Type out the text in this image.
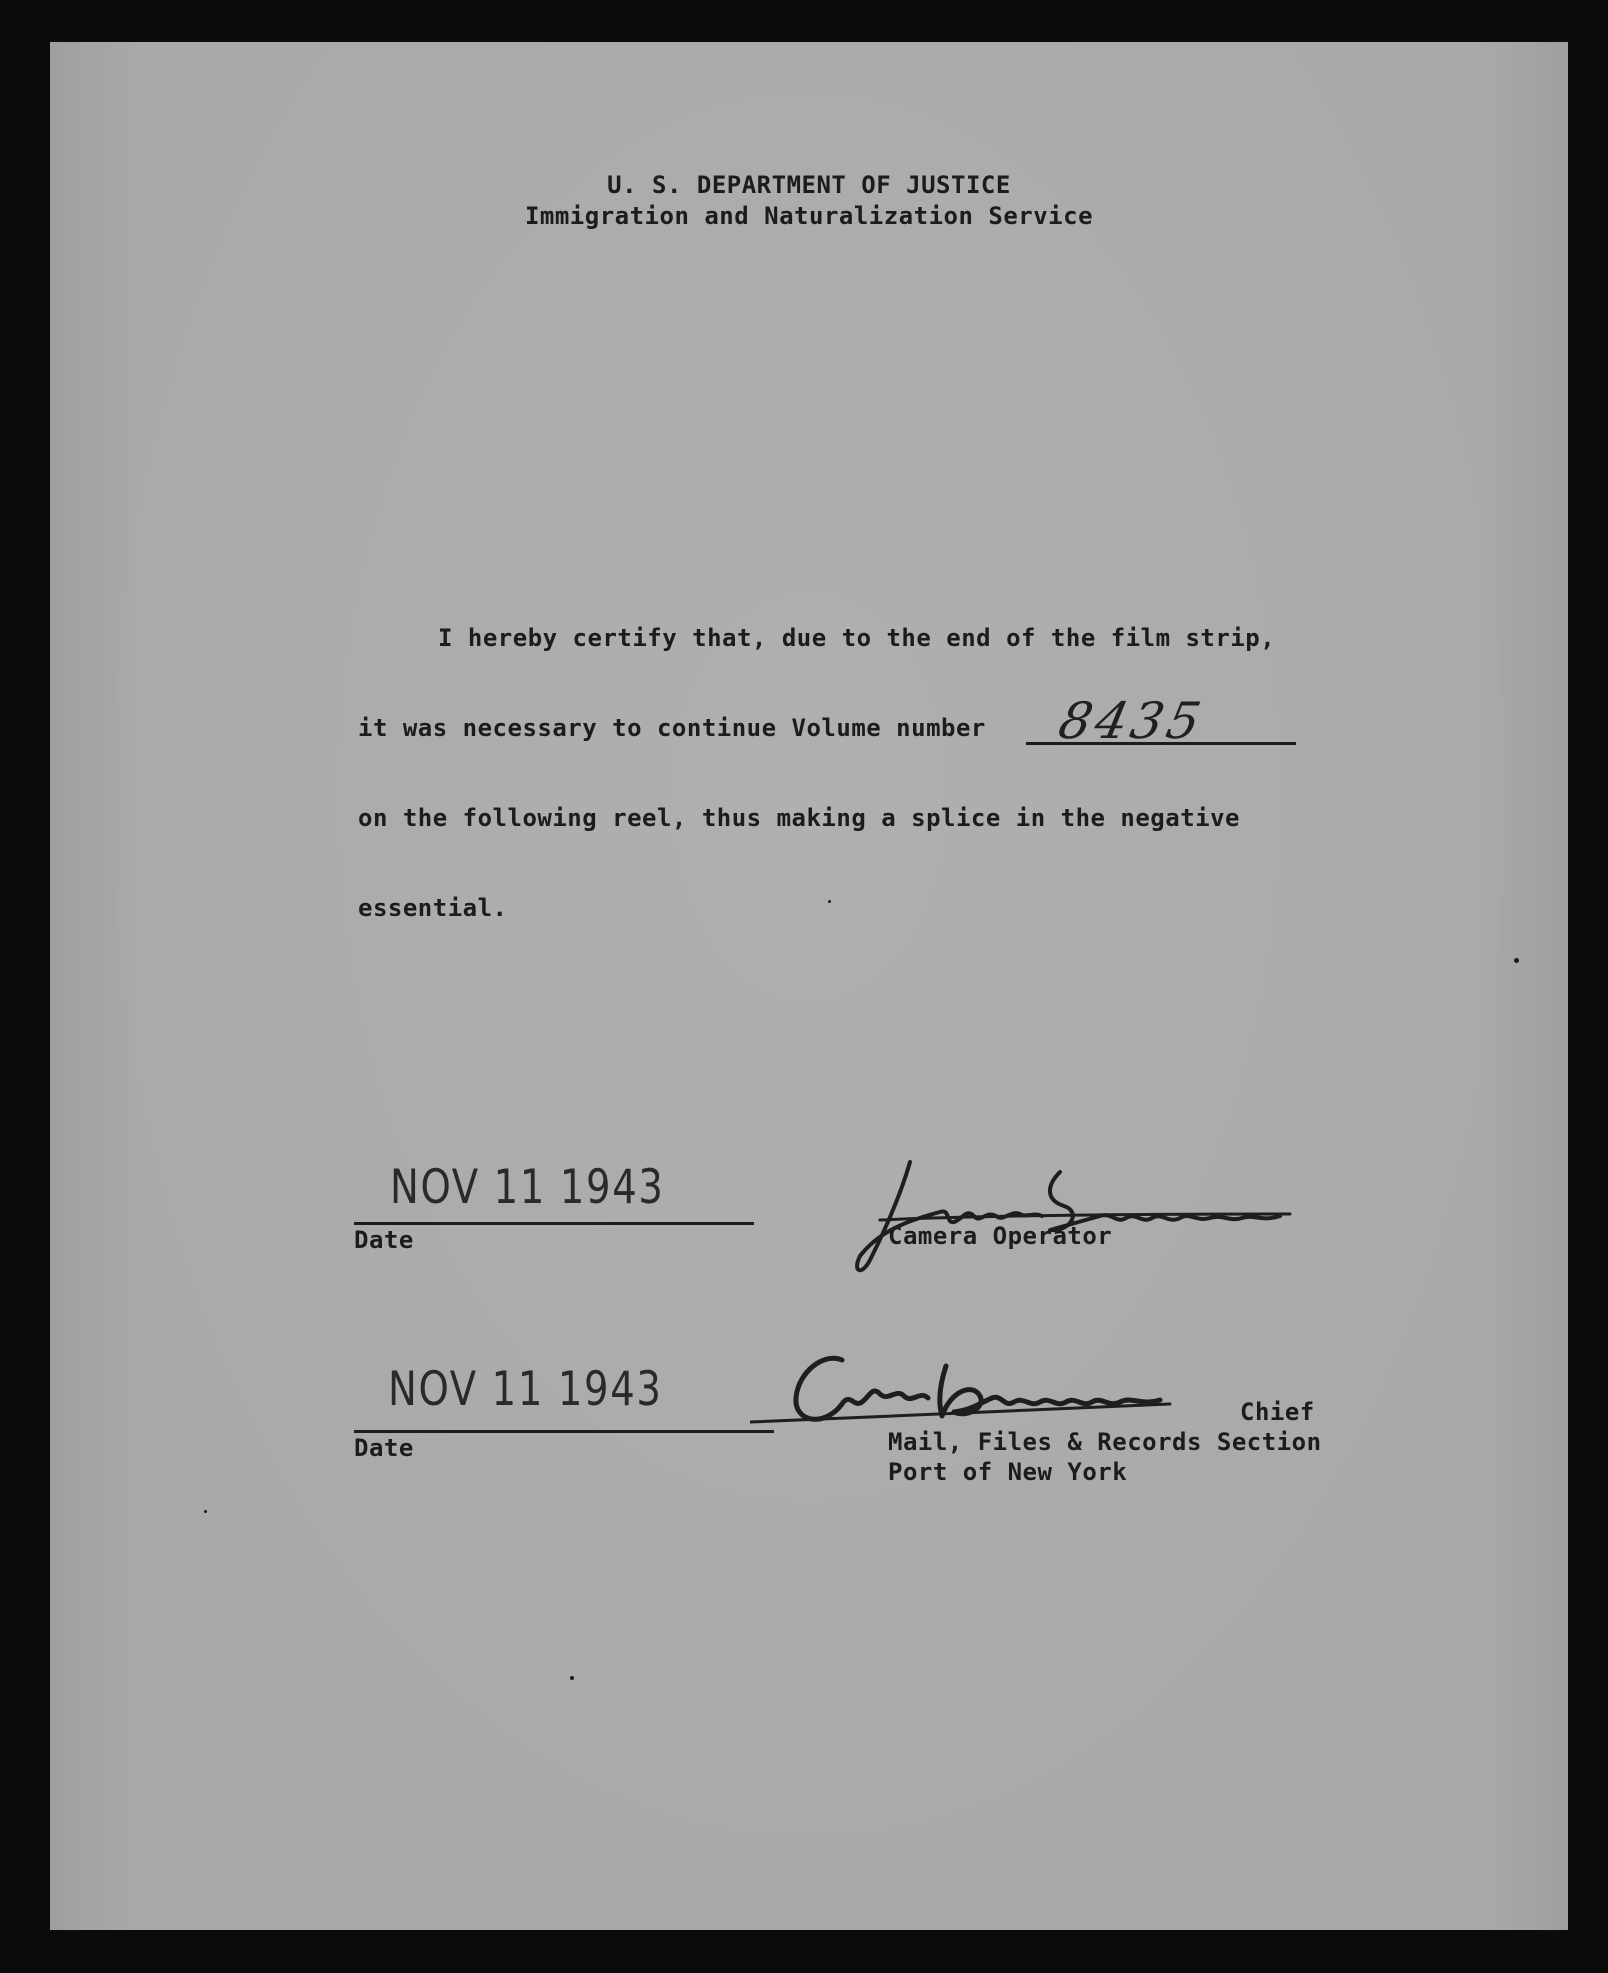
U. S. DEPARTMENT OF JUSTICE
Immigration and Naturalization Service
I hereby certify that, due to the end of the film strip,
it was necessary to continue Volume number 8435
on the following reel, thus making a splice in the negative
essential.
NOV 11 1943
Date	Camera Operator
NOV 11 1943
Date
Chief
Mail, Files & Records Section
Port of New York
